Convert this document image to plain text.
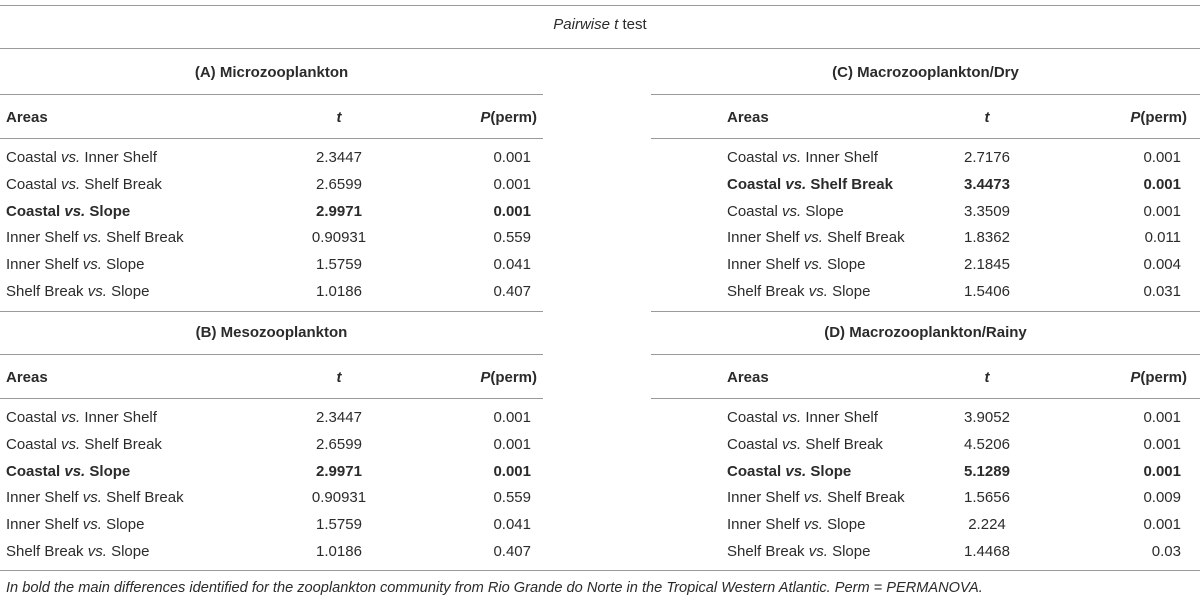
Pairwise t test
(A) Microzooplankton
Areas	t	P(perm)
Coastal vs. Inner Shelf	2.3447	0.001
Coastal vs. Shelf Break	2.6599	0.001
Coastal vs. Slope	2.9971	0.001
Inner Shelf vs. Shelf Break	0.90931	0.559
Inner Shelf vs. Slope	1.5759	0.041
Shelf Break vs. Slope	1.0186	0.407
(C) Macrozooplankton/Dry
Areas	t	P(perm)
Coastal vs. Inner Shelf	2.7176	0.001
Coastal vs. Shelf Break	3.4473	0.001
Coastal vs. Slope	3.3509	0.001
Inner Shelf vs. Shelf Break	1.8362	0.011
Inner Shelf vs. Slope	2.1845	0.004
Shelf Break vs. Slope	1.5406	0.031
(B) Mesozooplankton
Areas	t	P(perm)
Coastal vs. Inner Shelf	2.3447	0.001
Coastal vs. Shelf Break	2.6599	0.001
Coastal vs. Slope	2.9971	0.001
Inner Shelf vs. Shelf Break	0.90931	0.559
Inner Shelf vs. Slope	1.5759	0.041
Shelf Break vs. Slope	1.0186	0.407
(D) Macrozooplankton/Rainy
Areas	t	P(perm)
Coastal vs. Inner Shelf	3.9052	0.001
Coastal vs. Shelf Break	4.5206	0.001
Coastal vs. Slope	5.1289	0.001
Inner Shelf vs. Shelf Break	1.5656	0.009
Inner Shelf vs. Slope	2.224	0.001
Shelf Break vs. Slope	1.4468	0.03
In bold the main differences identified for the zooplankton community from Rio Grande do Norte in the Tropical Western Atlantic. Perm = PERMANOVA.
